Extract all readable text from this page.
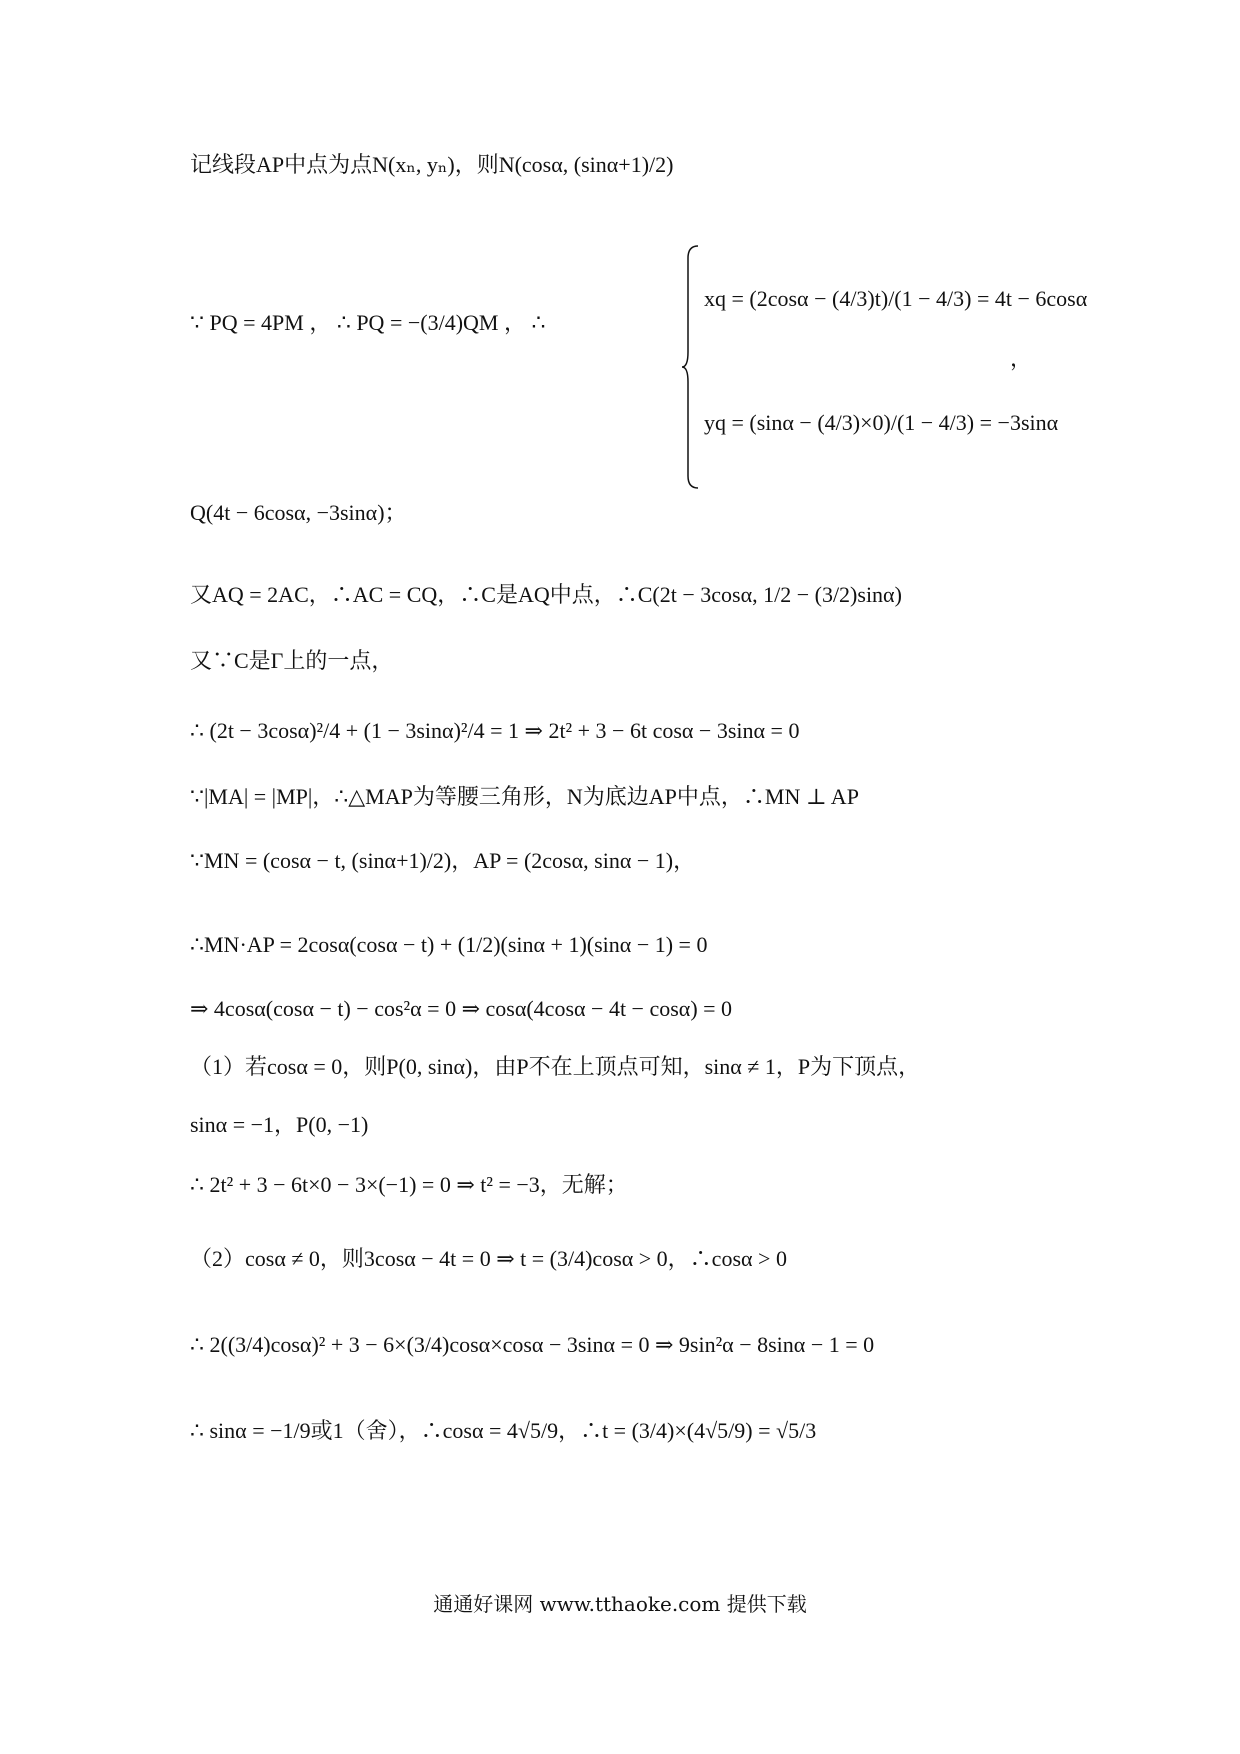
记线段AP中点为点N(xₙ, yₙ)，则N(cosα, (sinα+1)/2)
∵ PQ = 4PM ， ∴ PQ = −(3/4)QM ， ∴
xq = (2cosα − (4/3)t)/(1 − 4/3) = 4t − 6cosα
yq = (sinα − (4/3)×0)/(1 − 4/3) = −3sinα
，
Q(4t − 6cosα, −3sinα)；
又AQ = 2AC，∴AC = CQ，∴C是AQ中点，∴C(2t − 3cosα, 1/2 − (3/2)sinα)
又∵C是Γ上的一点，
∴ (2t − 3cosα)²/4 + (1 − 3sinα)²/4 = 1 ⇒ 2t² + 3 − 6t cosα − 3sinα = 0
∵|MA| = |MP|，∴△MAP为等腰三角形，N为底边AP中点，∴MN ⊥ AP
∵MN = (cosα − t, (sinα+1)/2)，AP = (2cosα, sinα − 1)，
∴MN·AP = 2cosα(cosα − t) + (1/2)(sinα + 1)(sinα − 1) = 0
⇒ 4cosα(cosα − t) − cos²α = 0 ⇒ cosα(4cosα − 4t − cosα) = 0
（1）若cosα = 0，则P(0, sinα)，由P不在上顶点可知，sinα ≠ 1，P为下顶点，
sinα = −1，P(0, −1)
∴ 2t² + 3 − 6t×0 − 3×(−1) = 0 ⇒ t² = −3，无解；
（2）cosα ≠ 0，则3cosα − 4t = 0 ⇒ t = (3/4)cosα > 0，∴cosα > 0
∴ 2((3/4)cosα)² + 3 − 6×(3/4)cosα×cosα − 3sinα = 0 ⇒ 9sin²α − 8sinα − 1 = 0
∴ sinα = −1/9或1（舍），∴cosα = 4√5/9，∴t = (3/4)×(4√5/9) = √5/3
通通好课网 www.tthaoke.com 提供下载
